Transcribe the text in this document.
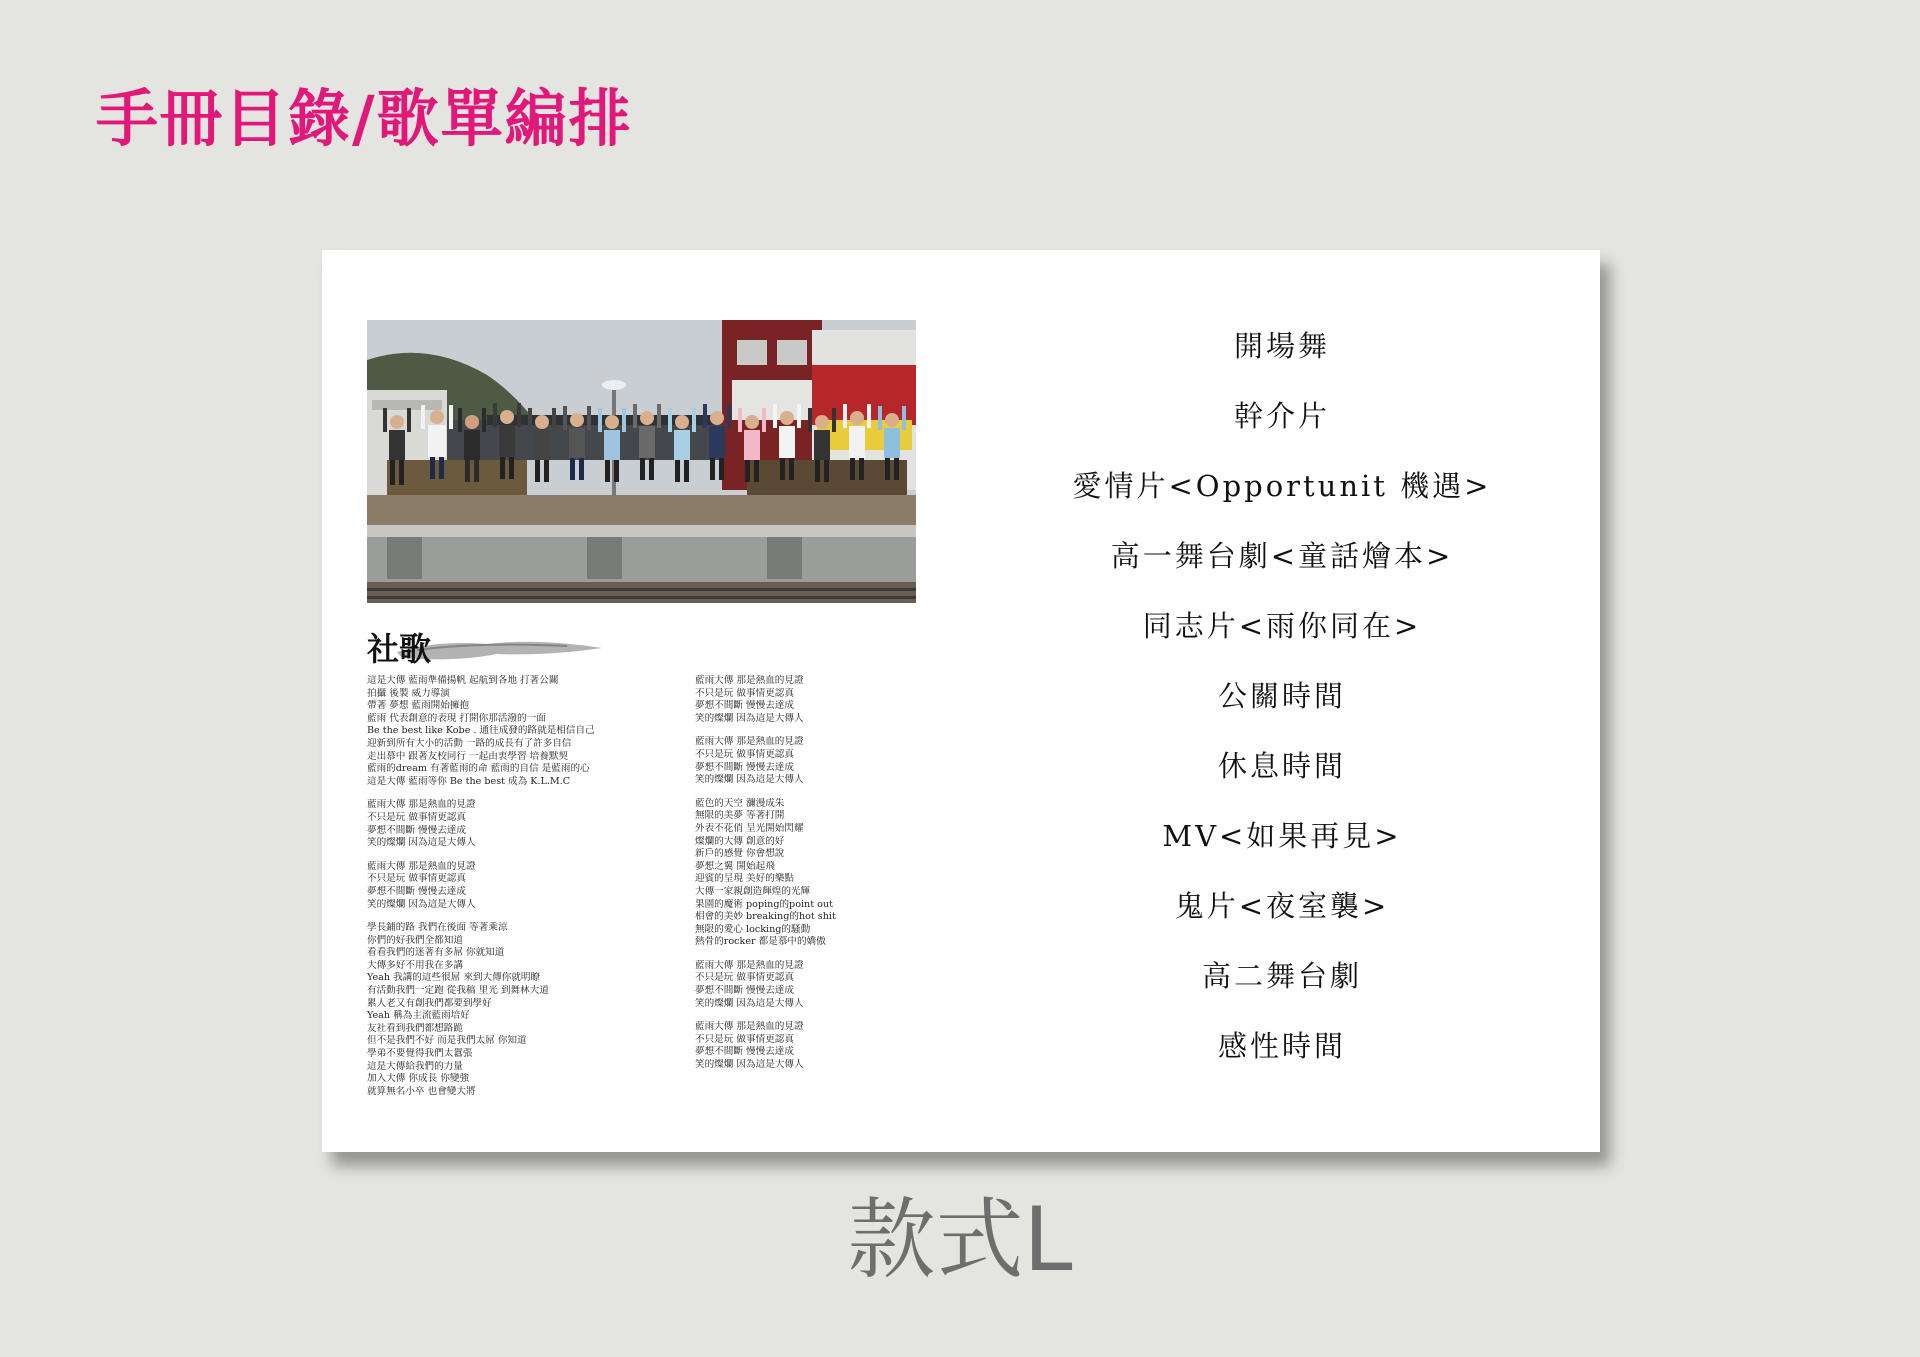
手冊目錄/歌單編排
社歌
這是大傳 藍雨準備揚帆 起航到各地 打著公關
拍攝 後製 威力導演
帶著 夢想 藍雨開始擁抱
藍雨 代表創意的表現 打開你那活潑的一面
Be the best like Kobe . 通往成發的路就是相信自己
迎新到所有大小的活動 一路的成長有了許多自信
走出慕中 跟著友校同行 一起由衷學習 培養默契
藍雨的dream 有著藍雨的命 藍雨的自信 是藍雨的心
這是大傳 藍雨等你 Be the best 成為 K.L.M.C
藍雨大傳 那是熱血的見證
不只是玩 做事情更認真
夢想不間斷 慢慢去達成
笑的燦爛 因為這是大傳人
藍雨大傳 那是熱血的見證
不只是玩 做事情更認真
夢想不間斷 慢慢去達成
笑的燦爛 因為這是大傳人
學長鋪的路 我們在後面 等著乘涼
你們的好我們全都知道
看看我們的迷著有多屌 你就知道
大傳多好不用我在多講
Yeah 我講的這些很屌 來到大傳你就明瞭
有活動我們一定跑 從我稿 里光 到舞林大道
累人老又有創我們都要到學好
Yeah 稱為主流藍雨培好
友社看到我們都想路跪
但不是我們不好 而是我們太屌 你知道
學弟不要覺得我們太囂張
這是大傳給我們的力量
加入大傳 你成長 你變強
就算無名小卒 也會變大將
藍雨大傳 那是熱血的見證
不只是玩 做事情更認真
夢想不間斷 慢慢去達成
笑的燦爛 因為這是大傳人
藍雨大傳 那是熱血的見證
不只是玩 做事情更認真
夢想不間斷 慢慢去達成
笑的燦爛 因為這是大傳人
藍色的天空 瀰漫成朱
無限的美夢 等著打開
外表不花俏 呈光開始閃耀
燦爛的大傳 創意的好
新戶的感覺 你會想說
夢想之翼 開始起飛
迎賓的呈現 美好的樂點
大傳一家親創造輝煌的光輝
果園的魔術 poping的point out
相會的美妙 breaking的hot shit
無限的愛心 locking的騷動
熱骨的rocker 都是慕中的嬌傲
藍雨大傳 那是熱血的見證
不只是玩 做事情更認真
夢想不間斷 慢慢去達成
笑的燦爛 因為這是大傳人
藍雨大傳 那是熱血的見證
不只是玩 做事情更認真
夢想不間斷 慢慢去達成
笑的燦爛 因為這是大傳人
開場舞
幹介片
愛情片<Opportunit 機遇>
高一舞台劇<童話燴本>
同志片<雨你同在>
公關時間
休息時間
MV<如果再見>
鬼片<夜室襲>
高二舞台劇
感性時間
款式L
